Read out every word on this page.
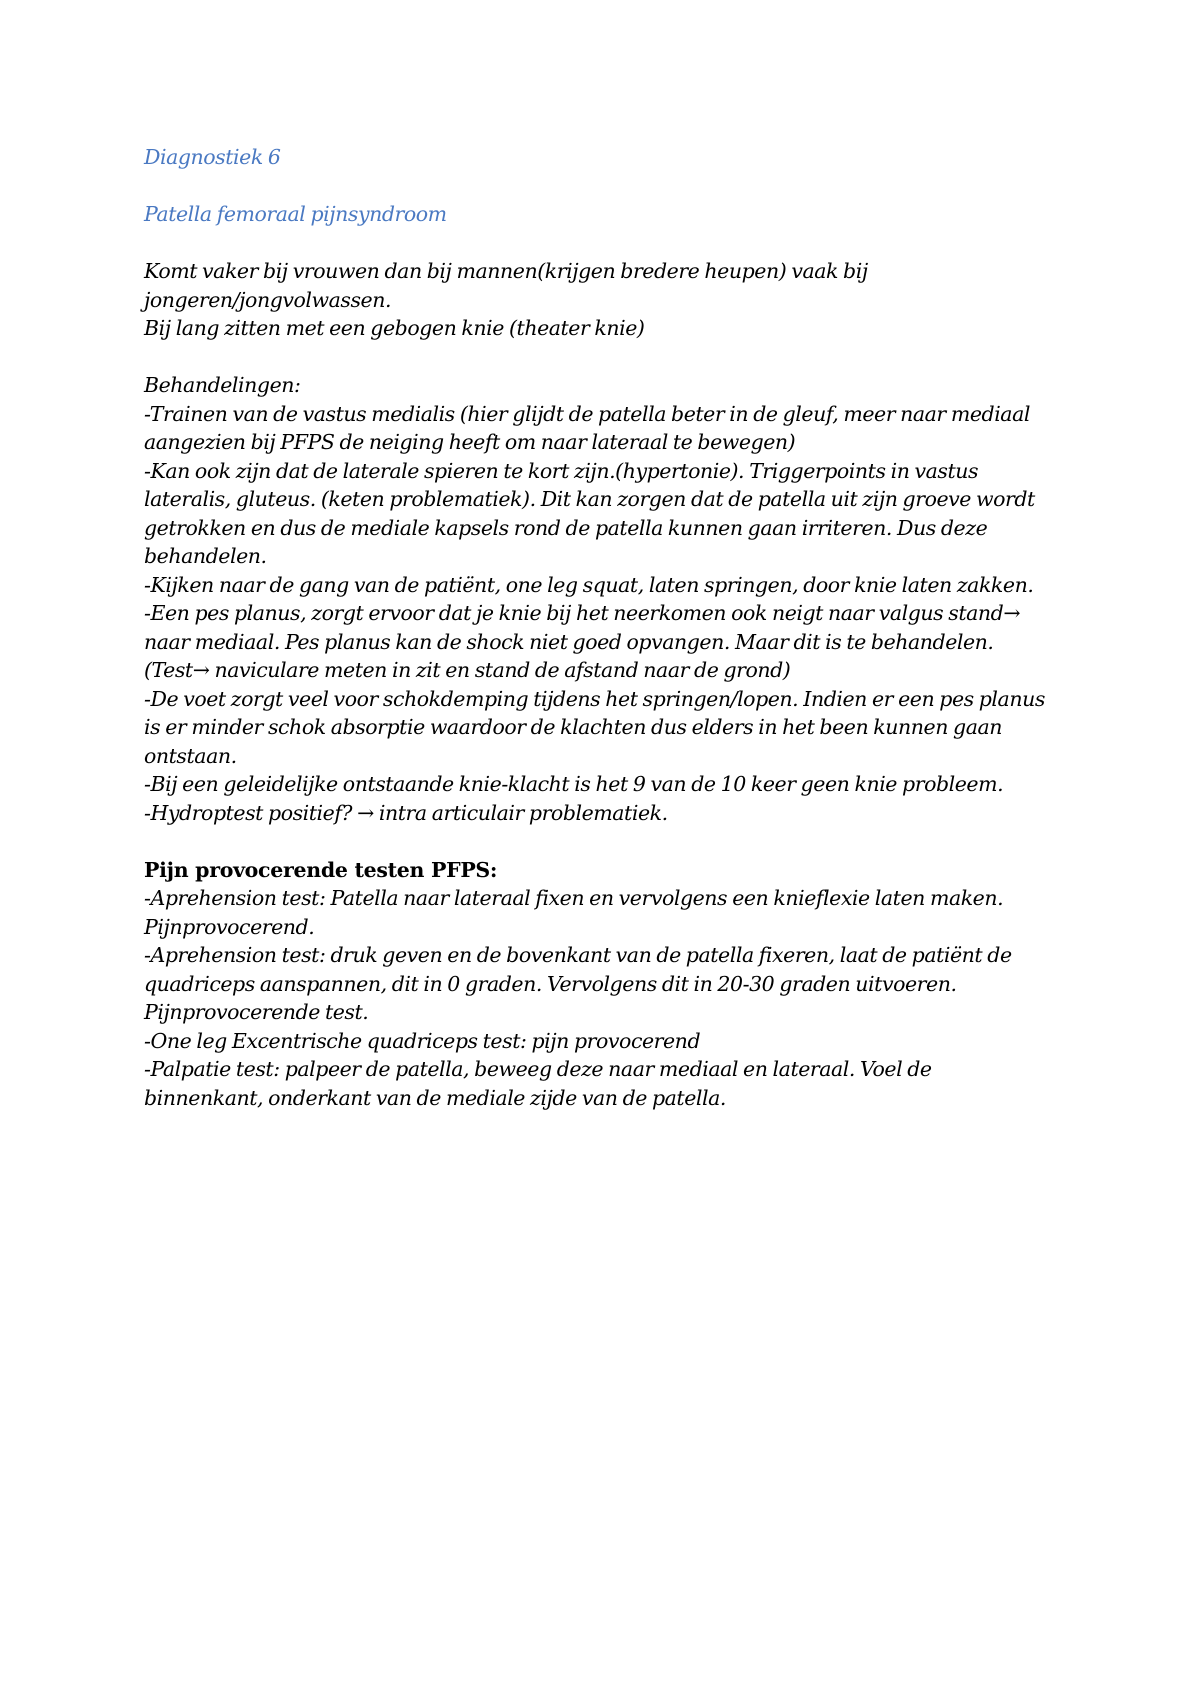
Diagnostiek 6
Patella femoraal pijnsyndroom
Komt vaker bij vrouwen dan bij mannen(krijgen bredere heupen) vaak bij
jongeren/jongvolwassen.
Bij lang zitten met een gebogen knie (theater knie)
Behandelingen:
-Trainen van de vastus medialis (hier glijdt de patella beter in de gleuf, meer naar mediaal
aangezien bij PFPS de neiging heeft om naar lateraal te bewegen)
-Kan ook zijn dat de laterale spieren te kort zijn.(hypertonie). Triggerpoints in vastus
lateralis, gluteus. (keten problematiek). Dit kan zorgen dat de patella uit zijn groeve wordt
getrokken en dus de mediale kapsels rond de patella kunnen gaan irriteren. Dus deze
behandelen.
-Kijken naar de gang van de patiënt, one leg squat, laten springen, door knie laten zakken.
-Een pes planus, zorgt ervoor dat je knie bij het neerkomen ook neigt naar valgus stand→
naar mediaal. Pes planus kan de shock niet goed opvangen. Maar dit is te behandelen.
(Test→ naviculare meten in zit en stand de afstand naar de grond)
-De voet zorgt veel voor schokdemping tijdens het springen/lopen. Indien er een pes planus
is er minder schok absorptie waardoor de klachten dus elders in het been kunnen gaan
ontstaan.
-Bij een geleidelijke ontstaande knie-klacht is het 9 van de 10 keer geen knie probleem.
-Hydroptest positief? → intra articulair problematiek.
Pijn provocerende testen PFPS:
-Aprehension test: Patella naar lateraal fixen en vervolgens een knieflexie laten maken.
Pijnprovocerend.
-Aprehension test: druk geven en de bovenkant van de patella fixeren, laat de patiënt de
quadriceps aanspannen, dit in 0 graden. Vervolgens dit in 20-30 graden uitvoeren.
Pijnprovocerende test.
-One leg Excentrische quadriceps test: pijn provocerend
-Palpatie test: palpeer de patella, beweeg deze naar mediaal en lateraal. Voel de
binnenkant, onderkant van de mediale zijde van de patella.
